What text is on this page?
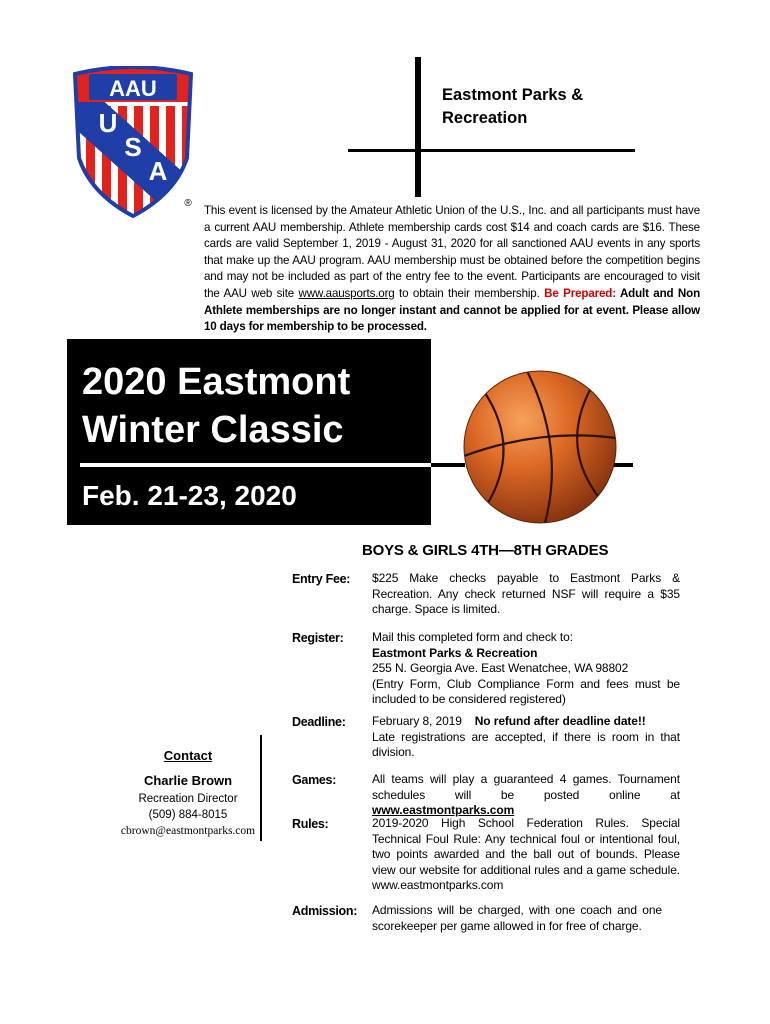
AAU
U
S
A
®
Eastmont Parks &
Recreation
This event is licensed by the Amateur Athletic Union of the U.S., Inc. and all participants must have a current AAU membership. Athlete membership cards cost $14 and coach cards are $16. These cards are valid September 1, 2019 - August 31, 2020 for all sanctioned AAU events in any sports that make up the AAU program. AAU membership must be obtained before the competition begins and may not be included as part of the entry fee to the event. Participants are encouraged to visit the AAU web site www.aausports.org to obtain their membership. Be Prepared: Adult and Non Athlete memberships are no longer instant and cannot be applied for at event. Please allow 10 days for membership to be processed.
2020 Eastmont
Winter Classic
Feb. 21-23, 2020
BOYS & GIRLS 4TH—8TH GRADES
Entry Fee:	$225 Make checks payable to Eastmont Parks & Recreation. Any check returned NSF will require a $35 charge. Space is limited.
Register:	Mail this completed form and check to:
Eastmont Parks & Recreation
255 N. Georgia Ave. East Wenatchee, WA 98802
(Entry Form, Club Compliance Form and fees must be included to be considered registered)
Deadline:	February 8, 2019 No refund after deadline date!!
Late registrations are accepted, if there is room in that division.
Games:	All teams will play a guaranteed 4 games. Tournament schedules will be posted online at www.eastmontparks.com
Rules:	2019-2020 High School Federation Rules. Special Technical Foul Rule: Any technical foul or intentional foul, two points awarded and the ball out of bounds. Please view our website for additional rules and a game schedule. www.eastmontparks.com
Admission:	Admissions will be charged, with one coach and one scorekeeper per game allowed in for free of charge.
Contact
Charlie Brown
Recreation Director
(509) 884-8015
cbrown@eastmontparks.com
